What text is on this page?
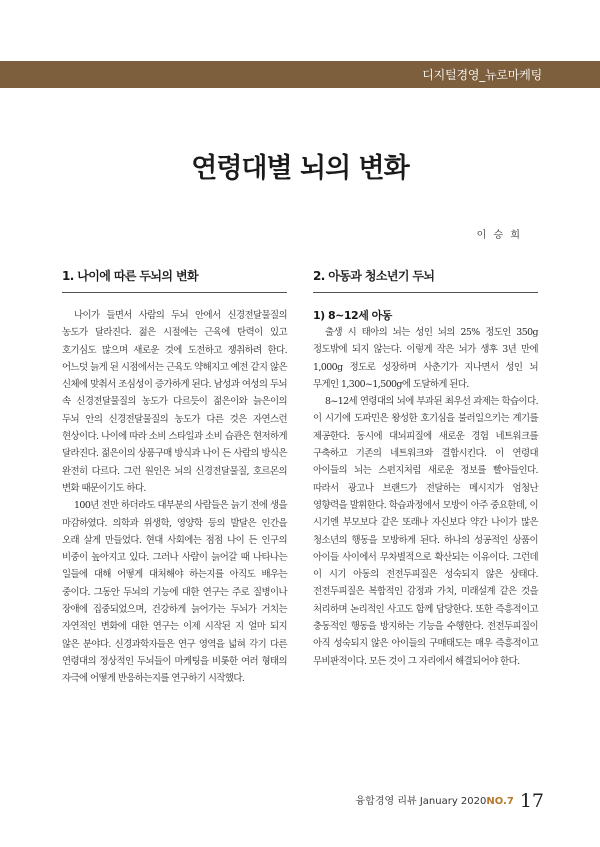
디지털경영_뉴로마케팅
연령대별 뇌의 변화
이 승 희
1. 나이에 따른 두뇌의 변화

나이가 들면서 사람의 두뇌 안에서 신경전달물질의 농도가 달라진다. 젊은 시절에는 근육에 탄력이 있고 호기심도 많으며 새로운 것에 도전하고 쟁취하려 한다. 어느덧 늙게 된 시점에서는 근육도 약해지고 예전 같지 않은 신체에 맞춰서 조심성이 증가하게 된다. 남성과 여성의 두뇌 속 신경전달물질의 농도가 다르듯이 젊은이와 늙은이의 두뇌 안의 신경전달물질의 농도가 다른 것은 자연스런 현상이다. 나이에 따라 소비 스타일과 소비 습관은 현저하게 달라진다. 젊은이의 상품구매 방식과 나이 든 사람의 방식은 완전히 다르다. 그런 원인은 뇌의 신경전달물질, 호르몬의 변화 때문이기도 하다.

100년 전만 하더라도 대부분의 사람들은 늙기 전에 생을 마감하였다. 의학과 위생학, 영양학 등의 발달은 인간을 오래 살게 만들었다. 현대 사회에는 점점 나이 든 인구의 비중이 높아지고 있다. 그러나 사람이 늙어갈 때 나타나는 일들에 대해 어떻게 대처해야 하는지를 아직도 배우는 중이다. 그동안 두뇌의 기능에 대한 연구는 주로 질병이나 장애에 집중되었으며, 건강하게 늙어가는 두뇌가 거치는 자연적인 변화에 대한 연구는 이제 시작된 지 얼마 되지 않은 분야다. 신경과학자들은 연구 영역을 넓혀 각기 다른 연령대의 정상적인 두뇌들이 마케팅을 비롯한 여러 형태의 자극에 어떻게 반응하는지를 연구하기 시작했다.

2. 아동과 청소년기 두뇌
1) 8~12세 아동

출생 시 태아의 뇌는 성인 뇌의 25% 정도인 350g 정도밖에 되지 않는다. 이렇게 작은 뇌가 생후 3년 만에 1,000g 정도로 성장하며 사춘기가 지나면서 성인 뇌 무게인 1,300~1,500g에 도달하게 된다.

8~12세 연령대의 뇌에 부과된 최우선 과제는 학습이다. 이 시기에 도파민은 왕성한 호기심을 불러일으키는 계기를 제공한다. 동시에 대뇌피질에 새로운 경험 네트워크를 구축하고 기존의 네트워크와 결합시킨다. 이 연령대 아이들의 뇌는 스펀지처럼 새로운 정보를 빨아들인다. 따라서 광고나 브랜드가 전달하는 메시지가 엄청난 영향력을 발휘한다. 학습과정에서 모방이 아주 중요한데, 이 시기엔 부모보다 같은 또래나 자신보다 약간 나이가 많은 청소년의 행동을 모방하게 된다. 하나의 성공적인 상품이 아이들 사이에서 무차별적으로 확산되는 이유이다. 그런데 이 시기 아동의 전전두피질은 성숙되지 않은 상태다. 전전두피질은 복합적인 감정과 가치, 미래설계 같은 것을 처리하며 논리적인 사고도 함께 담당한다. 또한 즉흥적이고 충동적인 행동을 방지하는 기능을 수행한다. 전전두피질이 아직 성숙되지 않은 아이들의 구매태도는 매우 즉흥적이고 무비판적이다. 모든 것이 그 자리에서 해결되어야 한다.

융합경영 리뷰 January 2020NO.7 17
